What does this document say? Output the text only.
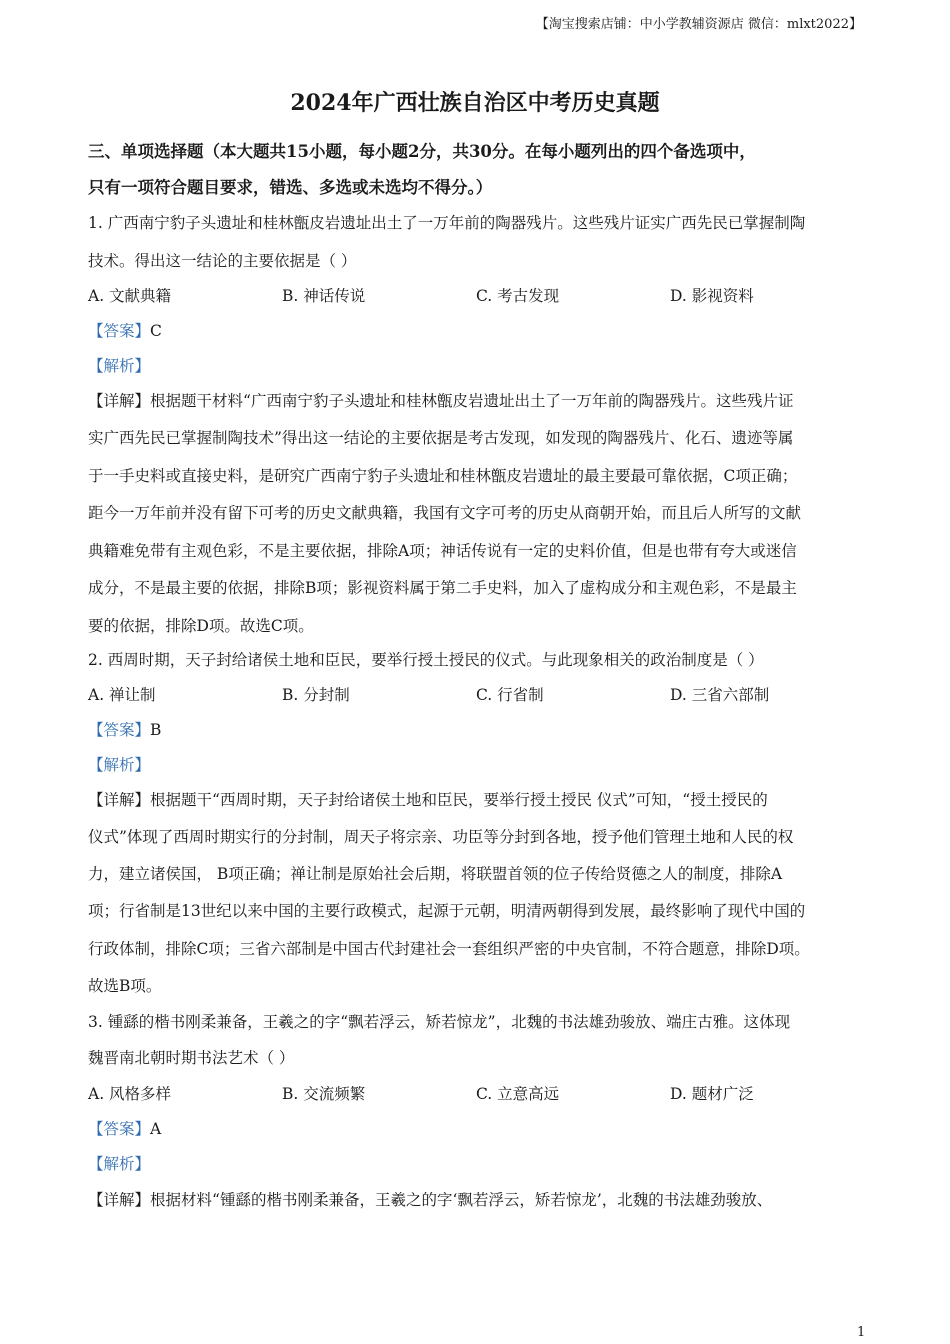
【淘宝搜索店铺：中小学教辅资源店 微信：mlxt2022】
2024年广西壮族自治区中考历史真题
三、单项选择题（本大题共15小题，每小题2分，共30分。在每小题列出的四个备选项中，
只有一项符合题目要求，错选、多选或未选均不得分。）
1. 广西南宁豹子头遗址和桂林甑皮岩遗址出土了一万年前的陶器残片。这些残片证实广西先民已掌握制陶
技术。得出这一结论的主要依据是（ ）
A. 文献典籍	B. 神话传说	C. 考古发现	D. 影视资料
【答案】C
【解析】
【详解】根据题干材料“广西南宁豹子头遗址和桂林甑皮岩遗址出土了一万年前的陶器残片。这些残片证
实广西先民已掌握制陶技术”得出这一结论的主要依据是考古发现，如发现的陶器残片、化石、遗迹等属
于一手史料或直接史料，是研究广西南宁豹子头遗址和桂林甑皮岩遗址的最主要最可靠依据，C项正确；
距今一万年前并没有留下可考的历史文献典籍，我国有文字可考的历史从商朝开始，而且后人所写的文献
典籍难免带有主观色彩，不是主要依据，排除A项；神话传说有一定的史料价值，但是也带有夸大或迷信
成分，不是最主要的依据，排除B项；影视资料属于第二手史料，加入了虚构成分和主观色彩，不是最主
要的依据，排除D项。故选C项。
2. 西周时期，天子封给诸侯土地和臣民，要举行授土授民的仪式。与此现象相关的政治制度是（ ）
A. 禅让制	B. 分封制	C. 行省制	D. 三省六部制
【答案】B
【解析】
【详解】根据题干“西周时期，天子封给诸侯土地和臣民，要举行授土授民 仪式”可知，“授土授民的
仪式”体现了西周时期实行的分封制，周天子将宗亲、功臣等分封到各地，授予他们管理土地和人民的权
力，建立诸侯国， B项正确；禅让制是原始社会后期，将联盟首领的位子传给贤德之人的制度，排除A
项；行省制是13世纪以来中国的主要行政模式，起源于元朝，明清两朝得到发展，最终影响了现代中国的
行政体制，排除C项；三省六部制是中国古代封建社会一套组织严密的中央官制，不符合题意，排除D项。
故选B项。
3. 锺繇的楷书刚柔兼备，王羲之的字“飘若浮云，矫若惊龙”，北魏的书法雄劲骏放、端庄古雅。这体现
魏晋南北朝时期书法艺术（ ）
A. 风格多样	B. 交流频繁	C. 立意高远	D. 题材广泛
【答案】A
【解析】
【详解】根据材料“锺繇的楷书刚柔兼备，王羲之的字‘飘若浮云，矫若惊龙’，北魏的书法雄劲骏放、
1
